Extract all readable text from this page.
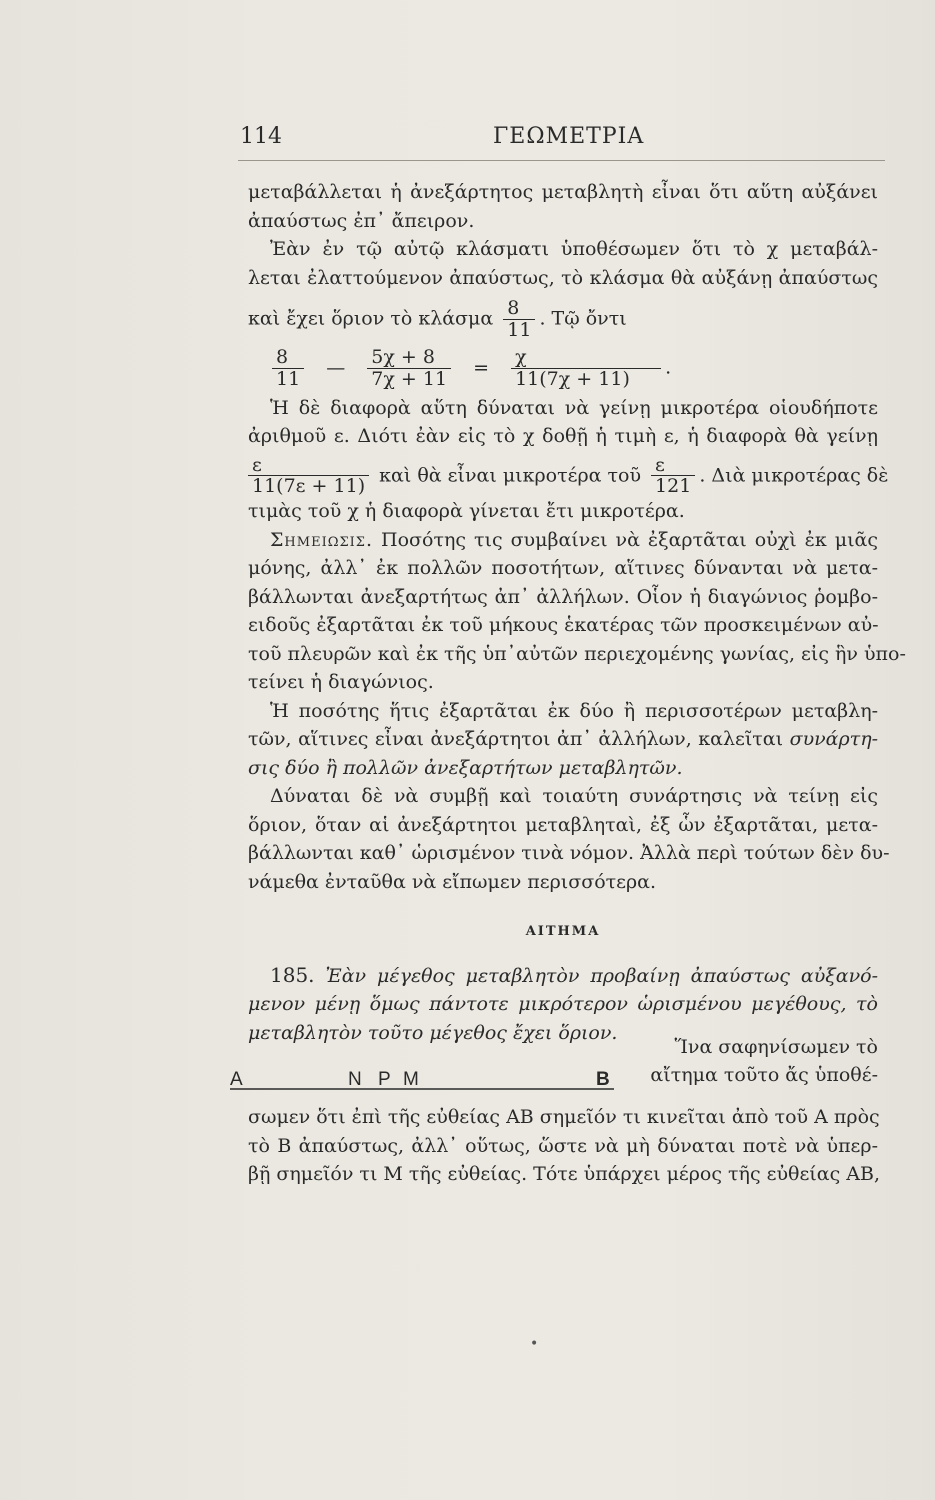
114	ΓΕΩΜΕΤΡΙΑ
μεταβάλλεται ἡ ἀνεξάρτητος μεταβλητὴ εἶναι ὅτι αὕτη αὐξάνει
ἀπαύστως ἐπ᾽ ἄπειρον.
Ἐὰν ἐν τῷ αὐτῷ κλάσματι ὑποθέσωμεν ὅτι τὸ χ μεταβάλ-
λεται ἐλαττούμενον ἀπαύστως, τὸ κλάσμα θὰ αὐξάνῃ ἀπαύστως
καὶ ἔχει ὅριον τὸ κλάσμα $\frac{8}{11}$ . Τῷ ὄντι
$\frac{8}{11}$ — $\frac{5\chi + 8}{7\chi + 11} = \frac{\chi}{11(7\chi + 11)}$ .
Ἡ δὲ διαφορὰ αὕτη δύναται νὰ γείνῃ μικροτέρα οἱουδήποτε
ἀριθμοῦ ε. Διότι ἐὰν εἰς τὸ χ δοθῇ ἡ τιμὴ ε, ἡ διαφορὰ θὰ γείνῃ
$\frac{\varepsilon}{11(7\varepsilon + 11)}$ καὶ θὰ εἶναι μικροτέρα τοῦ $\frac{\varepsilon}{121}$ . Διὰ μικροτέρας δὲ
τιμὰς τοῦ χ ἡ διαφορὰ γίνεται ἔτι μικροτέρα.
Σημειωσις. Ποσότης τις συμβαίνει νὰ ἐξαρτᾶται οὐχὶ ἐκ μιᾶς
μόνης, ἀλλ᾽ ἐκ πολλῶν ποσοτήτων, αἵτινες δύνανται νὰ μετα-
βάλλωνται ἀνεξαρτήτως ἀπ᾽ ἀλλήλων. Οἷον ἡ διαγώνιος ῥομβο-
ειδοῦς ἐξαρτᾶται ἐκ τοῦ μήκους ἑκατέρας τῶν προσκειμένων αὐ-
τοῦ πλευρῶν καὶ ἐκ τῆς ὑπ᾽αὐτῶν περιεχομένης γωνίας, εἰς ἣν ὑπο-
τείνει ἡ διαγώνιος.
Ἡ ποσότης ἥτις ἐξαρτᾶται ἐκ δύο ἢ περισσοτέρων μεταβλη-
τῶν, αἵτινες εἶναι ἀνεξάρτητοι ἀπ᾽ ἀλλήλων, καλεῖται συνάρτη-
σις δύο ἢ πολλῶν ἀνεξαρτήτων μεταβλητῶν.
Δύναται δὲ νὰ συμβῇ καὶ τοιαύτη συνάρτησις νὰ τείνῃ εἰς
ὅριον, ὅταν αἱ ἀνεξάρτητοι μεταβληταὶ, ἐξ ὧν ἐξαρτᾶται, μετα-
βάλλωνται καθ᾽ ὡρισμένον τινὰ νόμον. Ἀλλὰ περὶ τούτων δὲν δυ-
νάμεθα ἐνταῦθα νὰ εἴπωμεν περισσότερα.
ΑΙΤΗΜΑ
185. Ἐὰν μέγεθος μεταβλητὸν προβαίνῃ ἀπαύστως αὐξανό-
μενον μένῃ ὅμως πάντοτε μικρότερον ὡρισμένου μεγέθους, τὸ
μεταβλητὸν τοῦτο μέγεθος ἔχει ὅριον.
A	N P M	B
Ἵνα σαφηνίσωμεν τὸ
αἴτημα τοῦτο ἄς ὑποθέ-
σωμεν ὅτι ἐπὶ τῆς εὐθείας ΑΒ σημεῖόν τι κινεῖται ἀπὸ τοῦ Α πρὸς
τὸ Β ἀπαύστως, ἀλλ᾽ οὕτως, ὥστε νὰ μὴ δύναται ποτὲ νὰ ὑπερ-
βῇ σημεῖόν τι Μ τῆς εὐθείας. Τότε ὑπάρχει μέρος τῆς εὐθείας ΑΒ,
•
